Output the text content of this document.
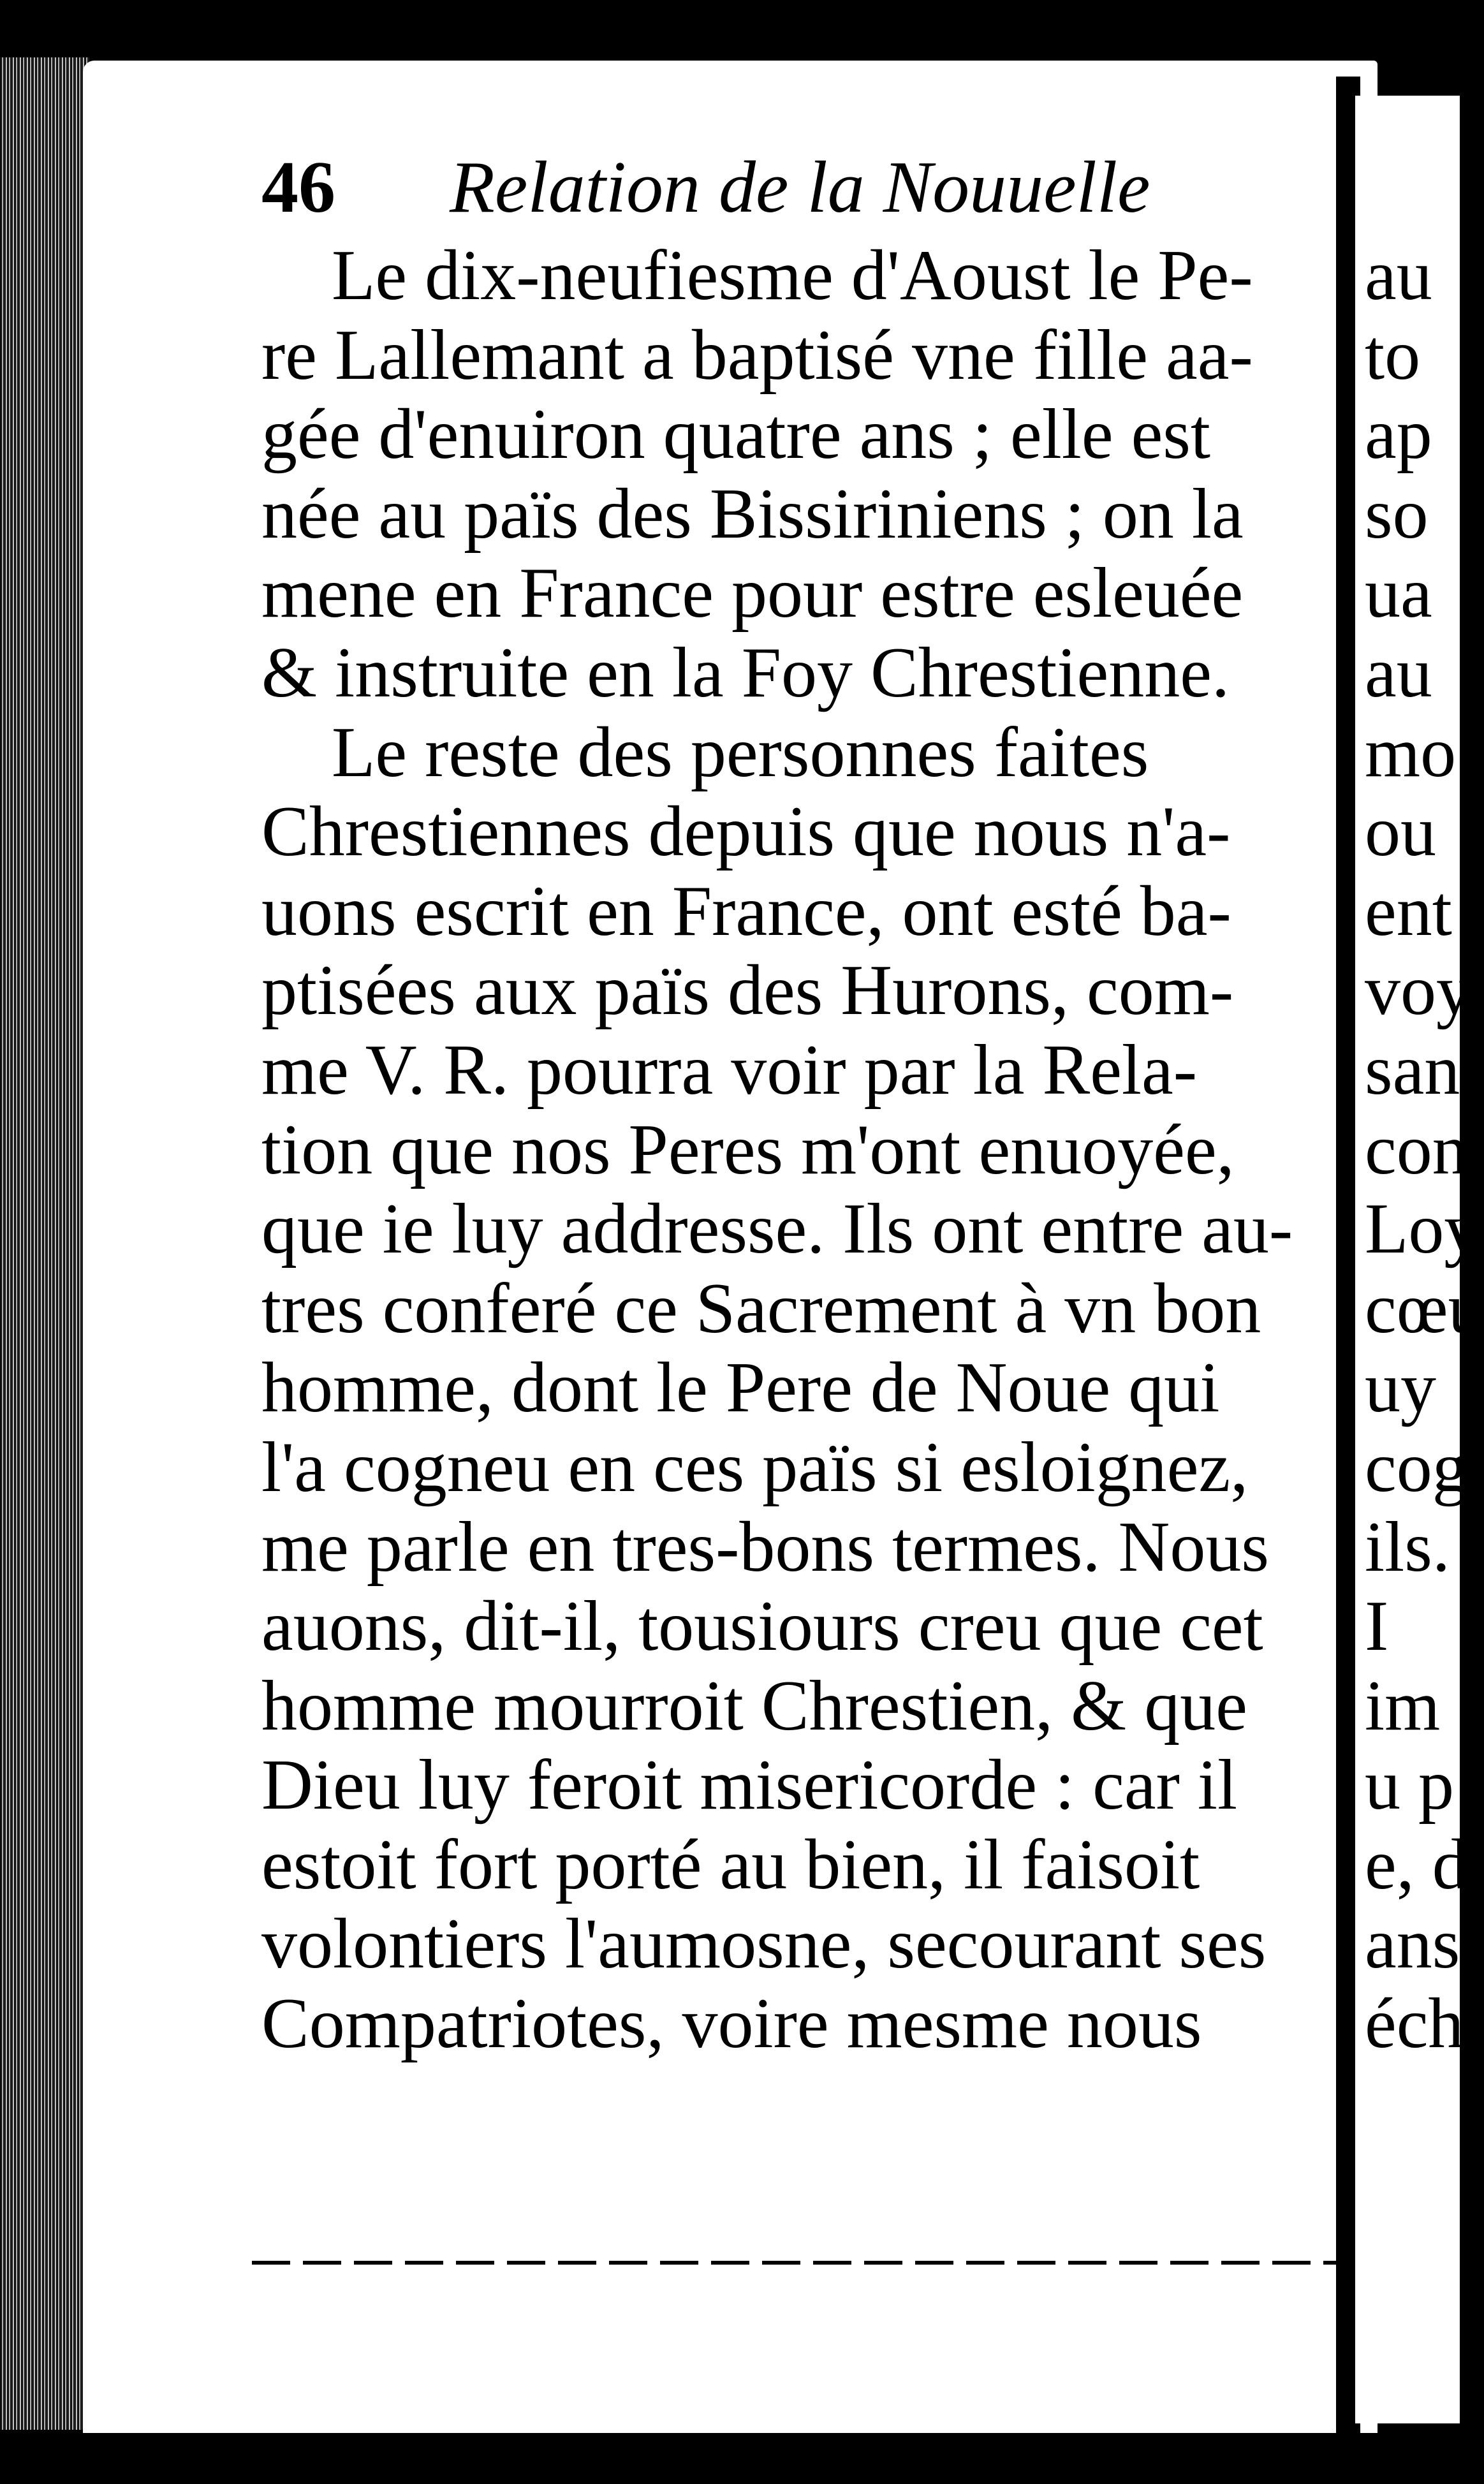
46 Relation de la Nouuelle
Le dix-neufiesme d'Aoust le Pe-
re Lallemant a baptisé vne fille aa-
gée d'enuiron quatre ans ; elle est
née au païs des Bissiriniens ; on la
mene en France pour estre esleuée
& instruite en la Foy Chrestienne.
Le reste des personnes faites
Chrestiennes depuis que nous n'a-
uons escrit en France, ont esté ba-
ptisées aux païs des Hurons, com-
me V. R. pourra voir par la Rela-
tion que nos Peres m'ont enuoyée,
que ie luy addresse. Ils ont entre au-
tres conferé ce Sacrement à vn bon
homme, dont le Pere de Noue qui
l'a cogneu en ces païs si esloignez,
me parle en tres-bons termes. Nous
auons, dit-il, tousiours creu que cet
homme mourroit Chrestien, & que
Dieu luy feroit misericorde : car il
estoit fort porté au bien, il faisoit
volontiers l'aumosne, secourant ses
Compatriotes, voire mesme nous
au
to
ap
so
ua
au
mo
ou
ent
voy
san
con
Loy
cœu
uy
cog
ils.
I
im
u p
e, d
ans
éch
